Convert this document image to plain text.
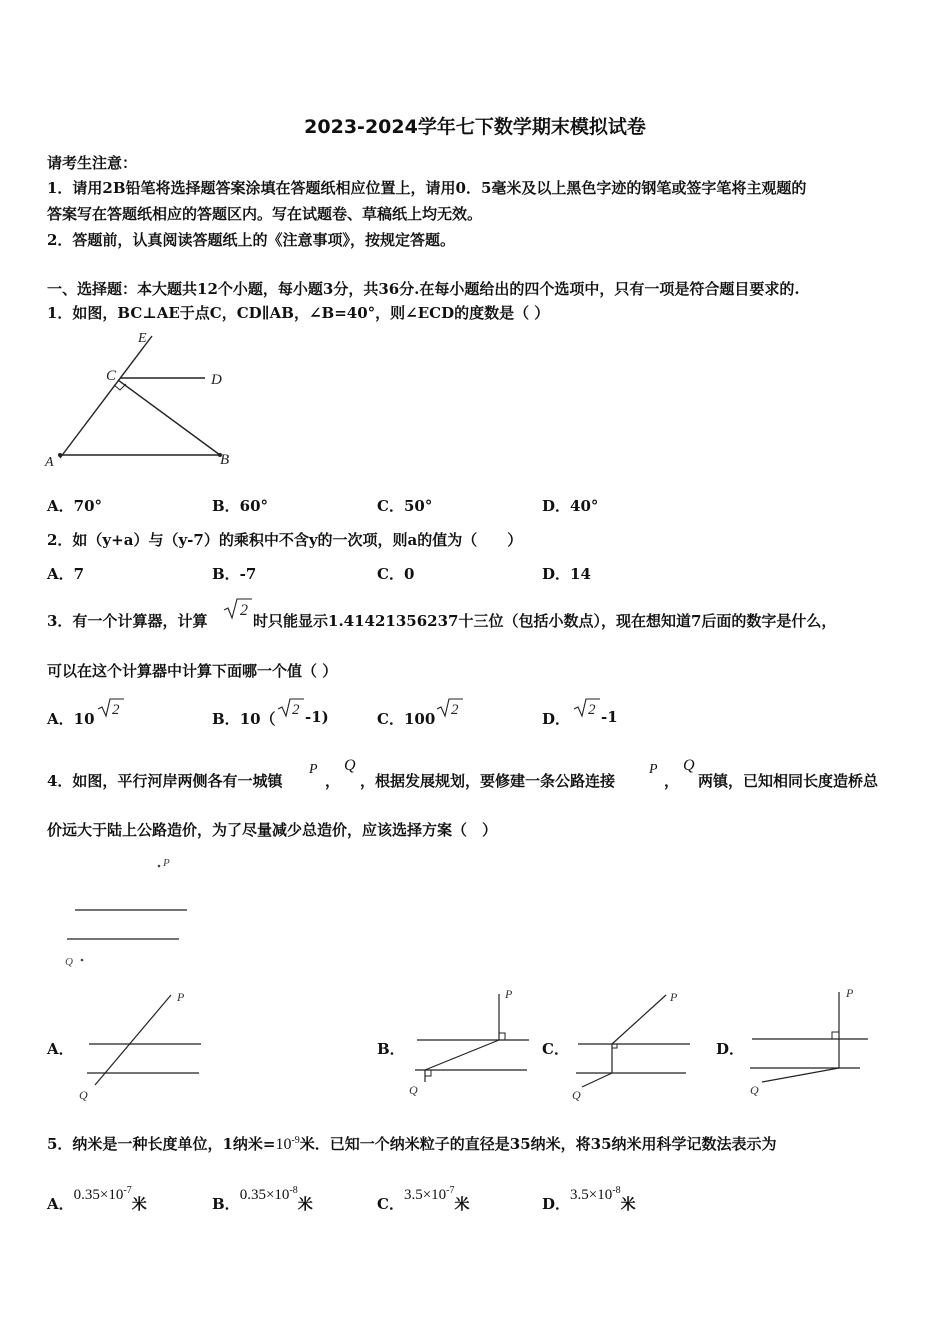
2023-2024学年七下数学期末模拟试卷
请考生注意：
1．请用2B铅笔将选择题答案涂填在答题纸相应位置上，请用0．5毫米及以上黑色字迹的钢笔或签字笔将主观题的
答案写在答题纸相应的答题区内。写在试题卷、草稿纸上均无效。
2．答题前，认真阅读答题纸上的《注意事项》，按规定答题。
一、选择题：本大题共12个小题，每小题3分，共36分.在每小题给出的四个选项中，只有一项是符合题目要求的.
1．如图，BC⊥AE于点C，CD∥AB，∠B=40°，则∠ECD的度数是（ ）
E
C	D
A	B
A．70°	B．60°	C．50°	D．40°
2．如（y+a）与（y-7）的乘积中不含y的一次项，则a的值为（　　）
A．7	B．-7	C．0	D．14
3．有一个计算器，计算
2
时只能显示1.41421356237十三位（包括小数点），现在想知道7后面的数字是什么，
可以在这个计算器中计算下面哪一个值（ ）
A．10 2	B．10（ 2 -1)	C．100 2	D． 2 -1
4．如图，平行河岸两侧各有一城镇
P
，
Q
，根据发展规划，要修建一条公路连接
P
，
Q
两镇，已知相同长度造桥总
价远大于陆上公路造价，为了尽量减少总造价，应该选择方案（　）
P
Q
A．
P
Q
B．
P
Q
C．
P
Q
D．
P
Q
5．纳米是一种长度单位，1纳米$=10^{-9}$米．已知一个纳米粒子的直径是35纳米，将35纳米用科学记数法表示为
A．$0.35\times 10^{-7}$米	B．$0.35\times 10^{-8}$米	C．$3.5\times 10^{-7}$米	D．$3.5\times 10^{-8}$米
